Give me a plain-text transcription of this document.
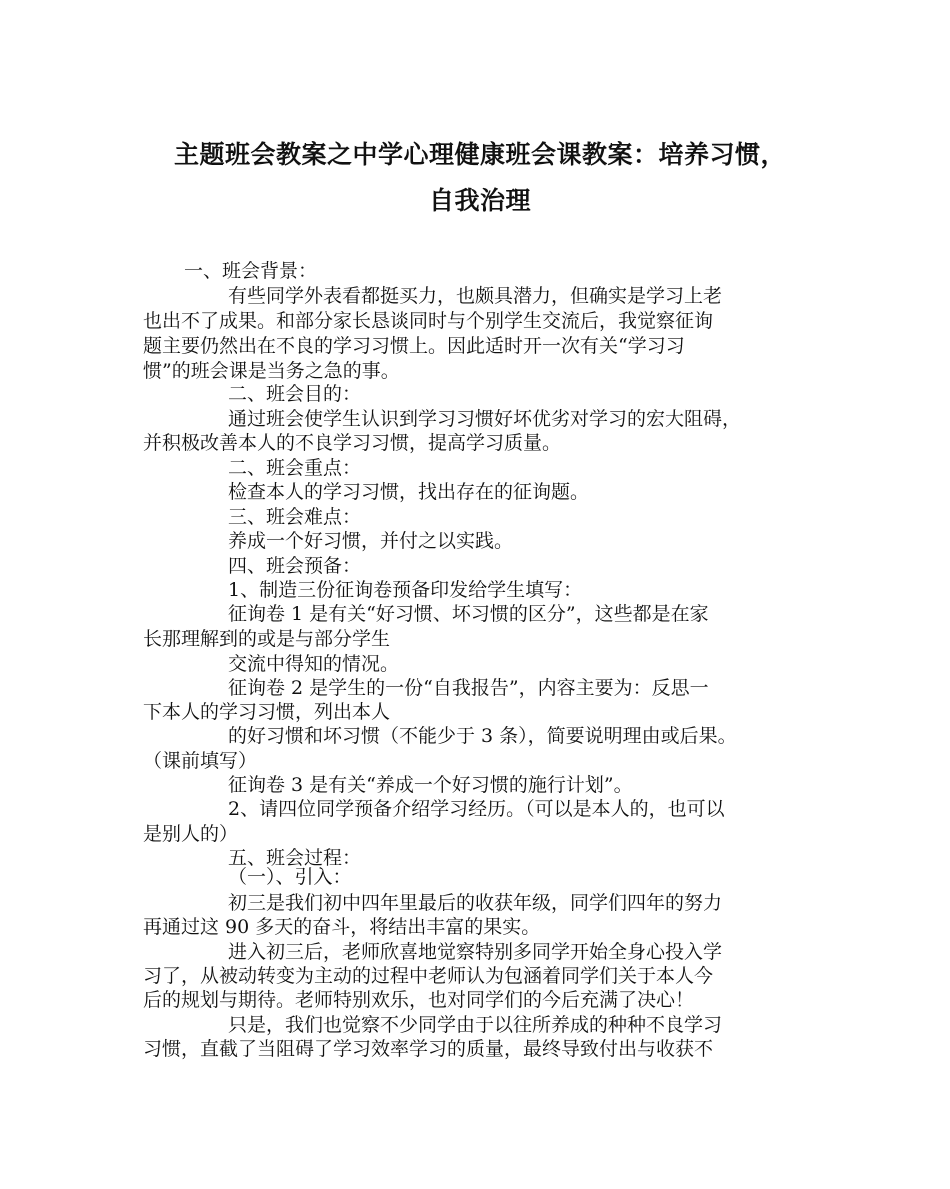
主题班会教案之中学心理健康班会课教案：培养习惯，
自我治理
一、班会背景：
有些同学外表看都挺买力，也颇具潜力，但确实是学习上老
也出不了成果。和部分家长恳谈同时与个别学生交流后，我觉察征询
题主要仍然出在不良的学习习惯上。因此适时开一次有关“学习习
惯”的班会课是当务之急的事。
二、班会目的：
通过班会使学生认识到学习习惯好坏优劣对学习的宏大阻碍，
并积极改善本人的不良学习习惯，提高学习质量。
二、班会重点：
检查本人的学习习惯，找出存在的征询题。
三、班会难点：
养成一个好习惯，并付之以实践。
四、班会预备：
1、制造三份征询卷预备印发给学生填写：
征询卷 1 是有关“好习惯、坏习惯的区分”，这些都是在家
长那理解到的或是与部分学生
交流中得知的情况。
征询卷 2 是学生的一份“自我报告”，内容主要为：反思一
下本人的学习习惯，列出本人
的好习惯和坏习惯（不能少于 3 条），简要说明理由或后果。
（课前填写）
征询卷 3 是有关“养成一个好习惯的施行计划”。
2、请四位同学预备介绍学习经历。（可以是本人的，也可以
是别人的）
五、班会过程：
（一）、引入：
初三是我们初中四年里最后的收获年级，同学们四年的努力
再通过这 90 多天的奋斗，将结出丰富的果实。
进入初三后，老师欣喜地觉察特别多同学开始全身心投入学
习了，从被动转变为主动的过程中老师认为包涵着同学们关于本人今
后的规划与期待。老师特别欢乐，也对同学们的今后充满了决心！
只是，我们也觉察不少同学由于以往所养成的种种不良学习
习惯，直截了当阻碍了学习效率学习的质量，最终导致付出与收获不
